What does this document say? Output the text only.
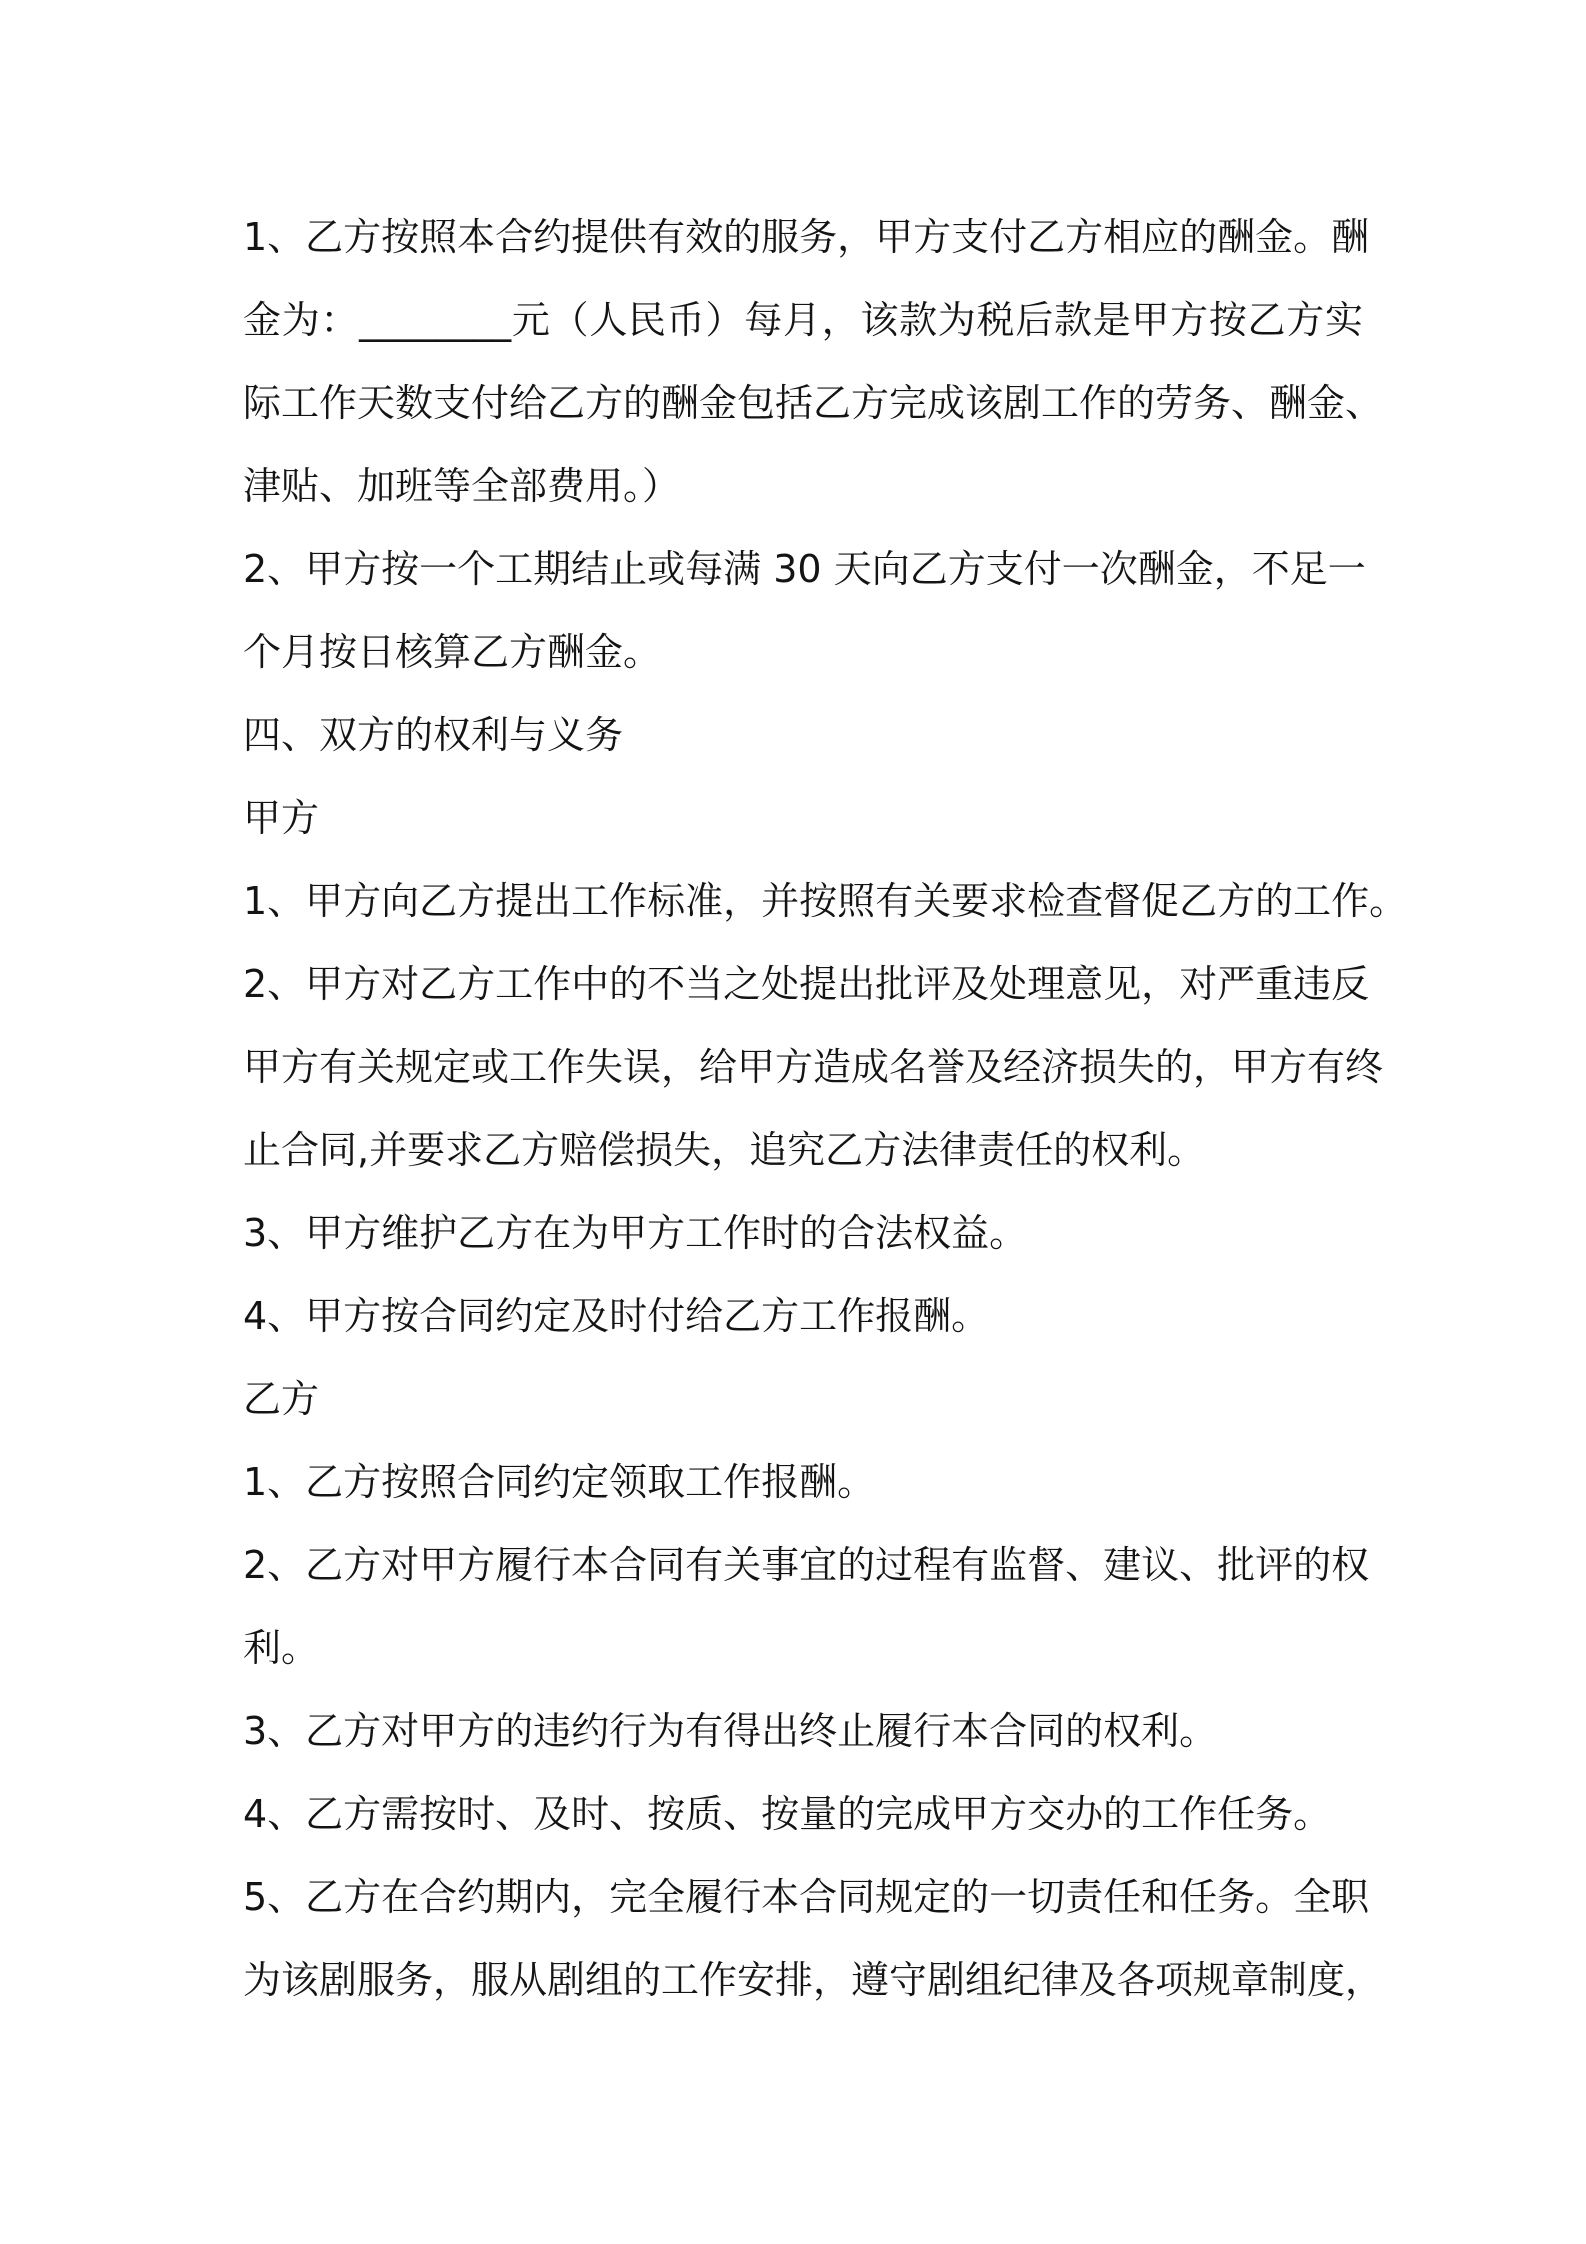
1、乙方按照本合约提供有效的服务，甲方支付乙方相应的酬金。酬
金为：________元（人民币）每月，该款为税后款是甲方按乙方实
际工作天数支付给乙方的酬金包括乙方完成该剧工作的劳务、酬金、
津贴、加班等全部费用。）
2、甲方按一个工期结止或每满 30 天向乙方支付一次酬金，不足一
个月按日核算乙方酬金。
四、双方的权利与义务
甲方
1、甲方向乙方提出工作标准，并按照有关要求检查督促乙方的工作。
2、甲方对乙方工作中的不当之处提出批评及处理意见，对严重违反
甲方有关规定或工作失误，给甲方造成名誉及经济损失的，甲方有终
止合同,并要求乙方赔偿损失，追究乙方法律责任的权利。
3、甲方维护乙方在为甲方工作时的合法权益。
4、甲方按合同约定及时付给乙方工作报酬。
乙方
1、乙方按照合同约定领取工作报酬。
2、乙方对甲方履行本合同有关事宜的过程有监督、建议、批评的权
利。
3、乙方对甲方的违约行为有得出终止履行本合同的权利。
4、乙方需按时、及时、按质、按量的完成甲方交办的工作任务。
5、乙方在合约期内，完全履行本合同规定的一切责任和任务。全职
为该剧服务，服从剧组的工作安排，遵守剧组纪律及各项规章制度，
